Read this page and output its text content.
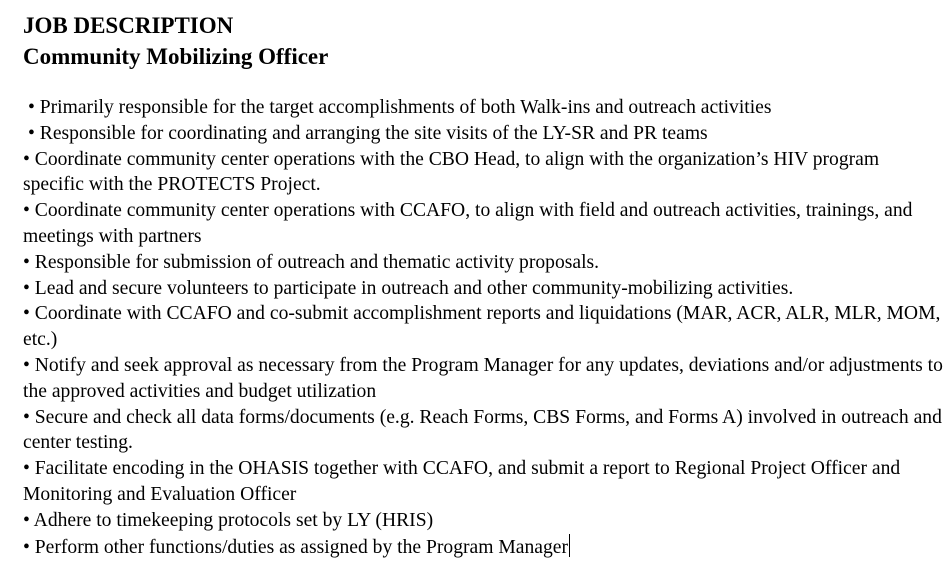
JOB DESCRIPTION
Community Mobilizing Officer
• Primarily responsible for the target accomplishments of both Walk-ins and outreach activities
• Responsible for coordinating and arranging the site visits of the LY-SR and PR teams
• Coordinate community center operations with the CBO Head, to align with the organization’s HIV program specific with the PROTECTS Project.
• Coordinate community center operations with CCAFO, to align with field and outreach activities, trainings, and meetings with partners
• Responsible for submission of outreach and thematic activity proposals.
• Lead and secure volunteers to participate in outreach and other community-mobilizing activities.
• Coordinate with CCAFO and co-submit accomplishment reports and liquidations (MAR, ACR, ALR, MLR, MOM, etc.)
• Notify and seek approval as necessary from the Program Manager for any updates, deviations and/or adjustments to the approved activities and budget utilization
• Secure and check all data forms/documents (e.g. Reach Forms, CBS Forms, and Forms A) involved in outreach and center testing.
• Facilitate encoding in the OHASIS together with CCAFO, and submit a report to Regional Project Officer and Monitoring and Evaluation Officer
• Adhere to timekeeping protocols set by LY (HRIS)
• Perform other functions/duties as assigned by the Program Manager
